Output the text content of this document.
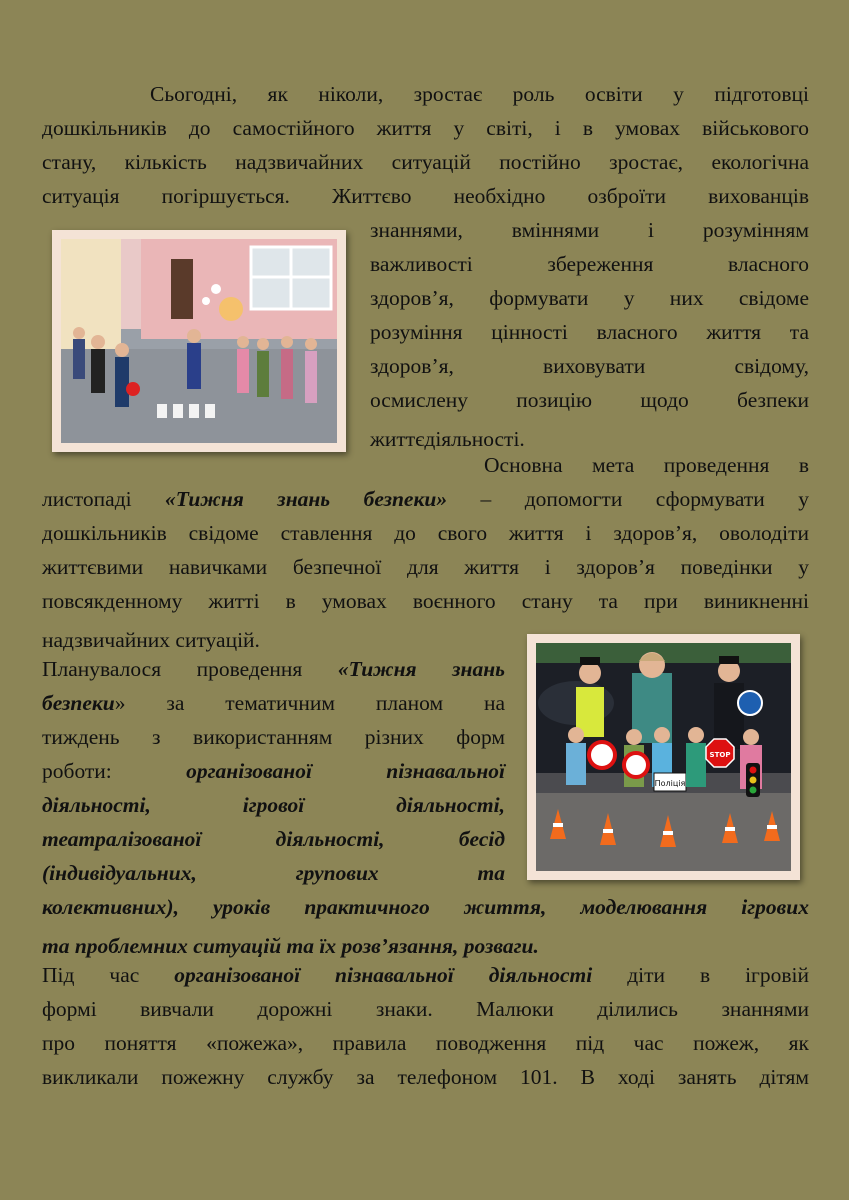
Сьогодні, як ніколи, зростає роль освіти у підготовці
дошкільників до самостійного життя у світі, і в умовах військового
стану, кількість надзвичайних ситуацій постійно зростає, екологічна
ситуація погіршується. Життєво необхідно озброїти вихованців
знаннями, вміннями і розумінням
важливості збереження власного
здоров’я, формувати у них свідоме
розуміння цінності власного життя та
здоров’я, виховувати свідому,
осмислену позицію щодо безпеки
життєдіяльності.
Основна мета проведення в
листопаді «Тижня знань безпеки» – допомогти сформувати у
дошкільників свідоме ставлення до свого життя і здоров’я, оволодіти
життєвими навичками безпечної для життя і здоров’я поведінки у
повсякденному житті в умовах воєнного стану та при виникненні
надзвичайних ситуацій.
Поліція
STOP
Планувалося проведення «Тижня знань
безпеки» за тематичним планом на
тиждень з використанням різних форм
роботи: організованої пізнавальної
діяльності, ігрової діяльності,
театралізованої діяльності, бесід
(індивідуальних, групових та
колективних), уроків практичного життя, моделювання ігрових
та проблемних ситуацій та їх розв’язання, розваги.
Під час організованої пізнавальної діяльності діти в ігровій
формі вивчали дорожні знаки. Малюки ділились знаннями
про поняття «пожежа», правила поводження під час пожеж, як
викликали пожежну службу за телефоном 101. В ході занять дітям
